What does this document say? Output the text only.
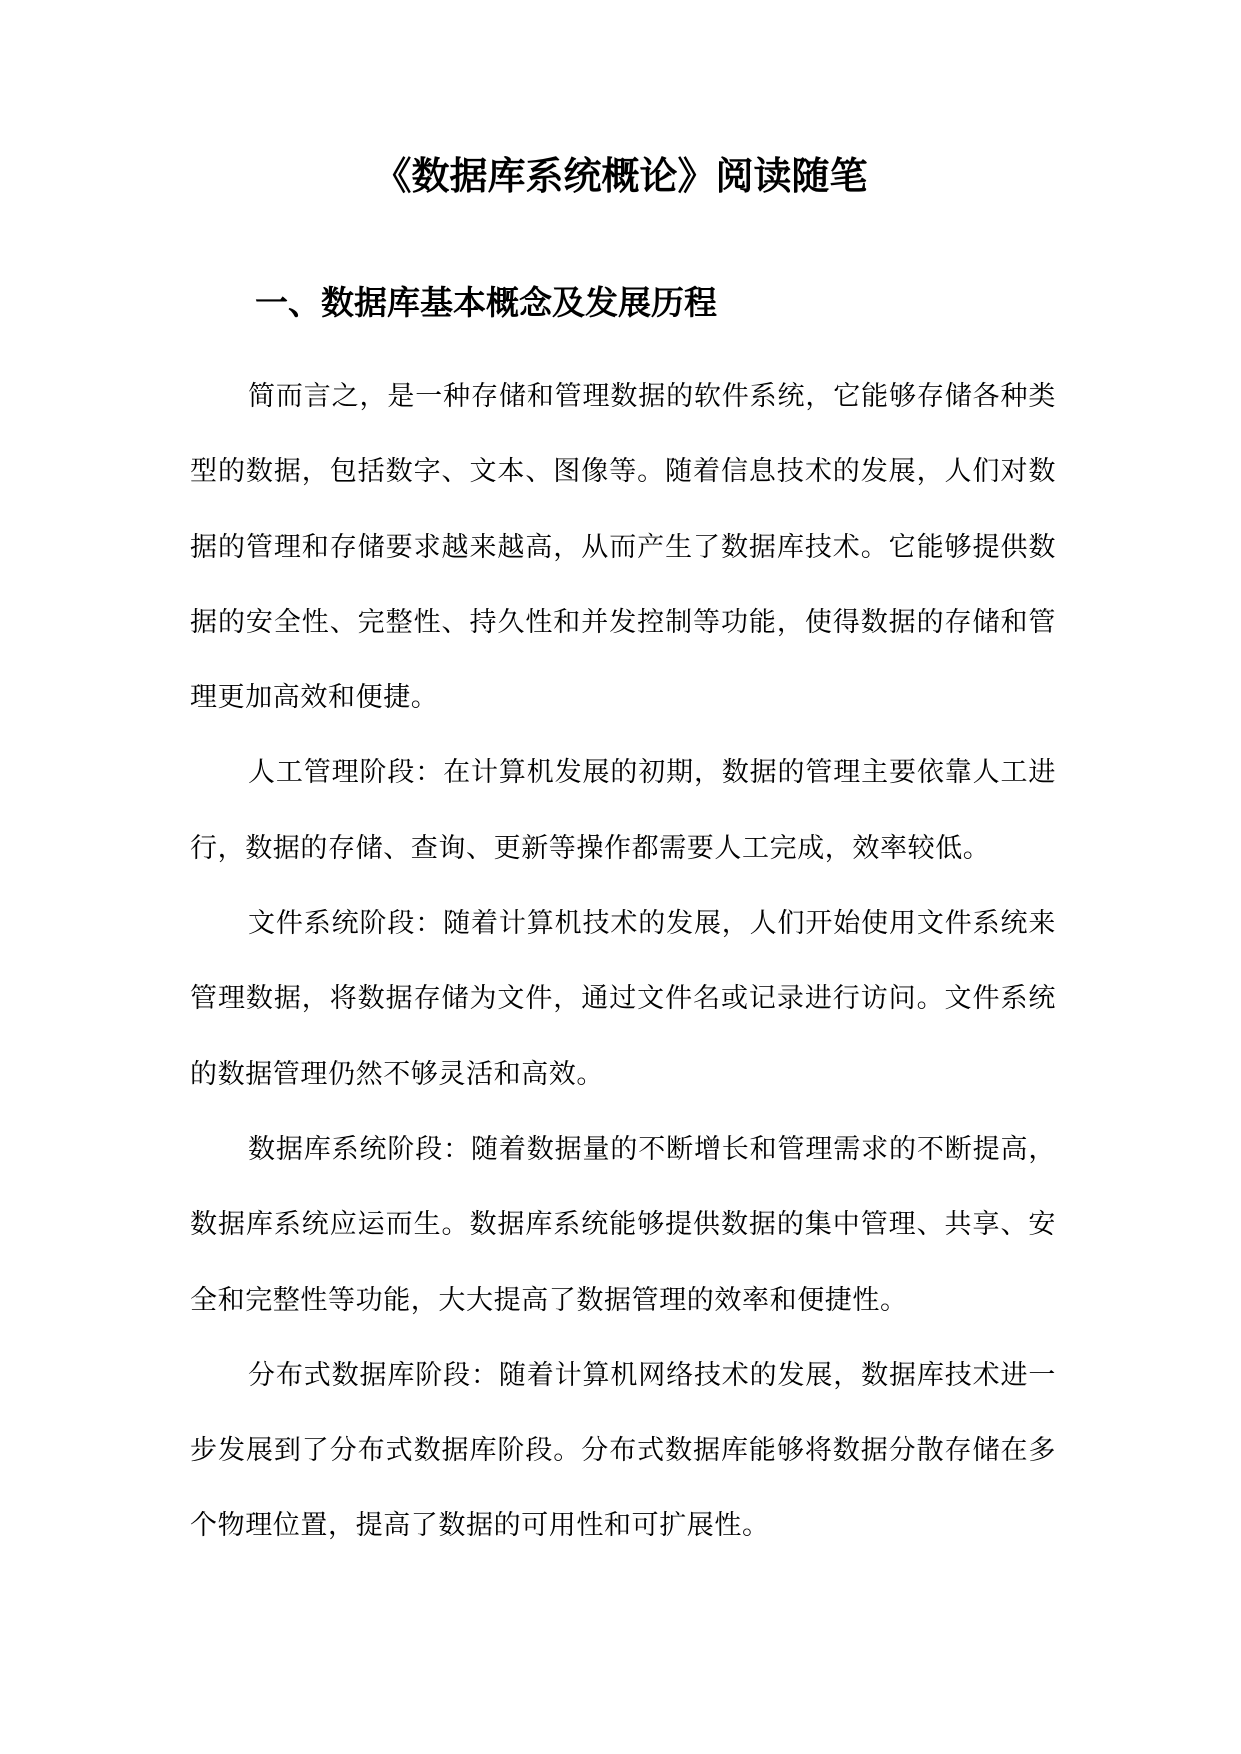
《数据库系统概论》阅读随笔
一、数据库基本概念及发展历程

简而言之，是一种存储和管理数据的软件系统，它能够存储各种类型的数据，包括数字、文本、图像等。随着信息技术的发展，人们对数据的管理和存储要求越来越高，从而产生了数据库技术。它能够提供数据的安全性、完整性、持久性和并发控制等功能，使得数据的存储和管理更加高效和便捷。

人工管理阶段：在计算机发展的初期，数据的管理主要依靠人工进行，数据的存储、查询、更新等操作都需要人工完成，效率较低。

文件系统阶段：随着计算机技术的发展，人们开始使用文件系统来管理数据，将数据存储为文件，通过文件名或记录进行访问。文件系统的数据管理仍然不够灵活和高效。

数据库系统阶段：随着数据量的不断增长和管理需求的不断提高，数据库系统应运而生。数据库系统能够提供数据的集中管理、共享、安全和完整性等功能，大大提高了数据管理的效率和便捷性。

分布式数据库阶段：随着计算机网络技术的发展，数据库技术进一步发展到了分布式数据库阶段。分布式数据库能够将数据分散存储在多个物理位置，提高了数据的可用性和可扩展性。
